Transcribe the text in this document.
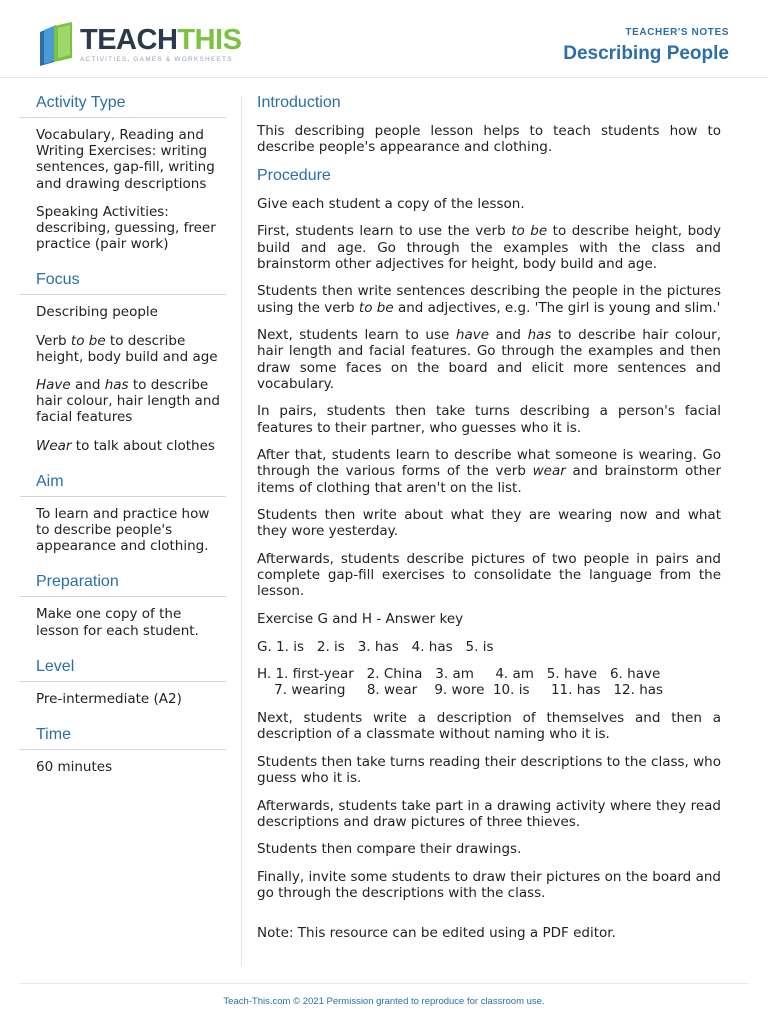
TEACHTHIS
ACTIVITIES, GAMES & WORKSHEETS
TEACHER'S NOTES
Describing People
Activity Type
Vocabulary, Reading and Writing Exercises: writing sentences, gap-fill, writing and drawing descriptions
Speaking Activities: describing, guessing, freer practice (pair work)
Focus
Describing people
Verb to be to describe height, body build and age
Have and has to describe hair colour, hair length and facial features
Wear to talk about clothes
Aim
To learn and practice how to describe people's appearance and clothing.
Preparation
Make one copy of the lesson for each student.
Level
Pre-intermediate (A2)
Time
60 minutes
Introduction

This describing people lesson helps to teach students how to describe people's appearance and clothing.

Procedure

Give each student a copy of the lesson.

First, students learn to use the verb to be to describe height, body build and age. Go through the examples with the class and brainstorm other adjectives for height, body build and age.

Students then write sentences describing the people in the pictures using the verb to be and adjectives, e.g. 'The girl is young and slim.'

Next, students learn to use have and has to describe hair colour, hair length and facial features. Go through the examples and then draw some faces on the board and elicit more sentences and vocabulary.

In pairs, students then take turns describing a person's facial features to their partner, who guesses who it is.

After that, students learn to describe what someone is wearing. Go through the various forms of the verb wear and brainstorm other items of clothing that aren't on the list.

Students then write about what they are wearing now and what they wore yesterday.

Afterwards, students describe pictures of two people in pairs and complete gap-fill exercises to consolidate the language from the lesson.

Exercise G and H - Answer key

G. 1. is   2. is   3. has   4. has   5. is
H. 1. first-year   2. China   3. am     4. am   5. have   6. have
7. wearing     8. wear    9. wore  10. is     11. has   12. has

Next, students write a description of themselves and then a description of a classmate without naming who it is.

Students then take turns reading their descriptions to the class, who guess who it is.

Afterwards, students take part in a drawing activity where they read descriptions and draw pictures of three thieves.

Students then compare their drawings.

Finally, invite some students to draw their pictures on the board and go through the descriptions with the class.

Note: This resource can be edited using a PDF editor.

Teach-This.com © 2021 Permission granted to reproduce for classroom use.
